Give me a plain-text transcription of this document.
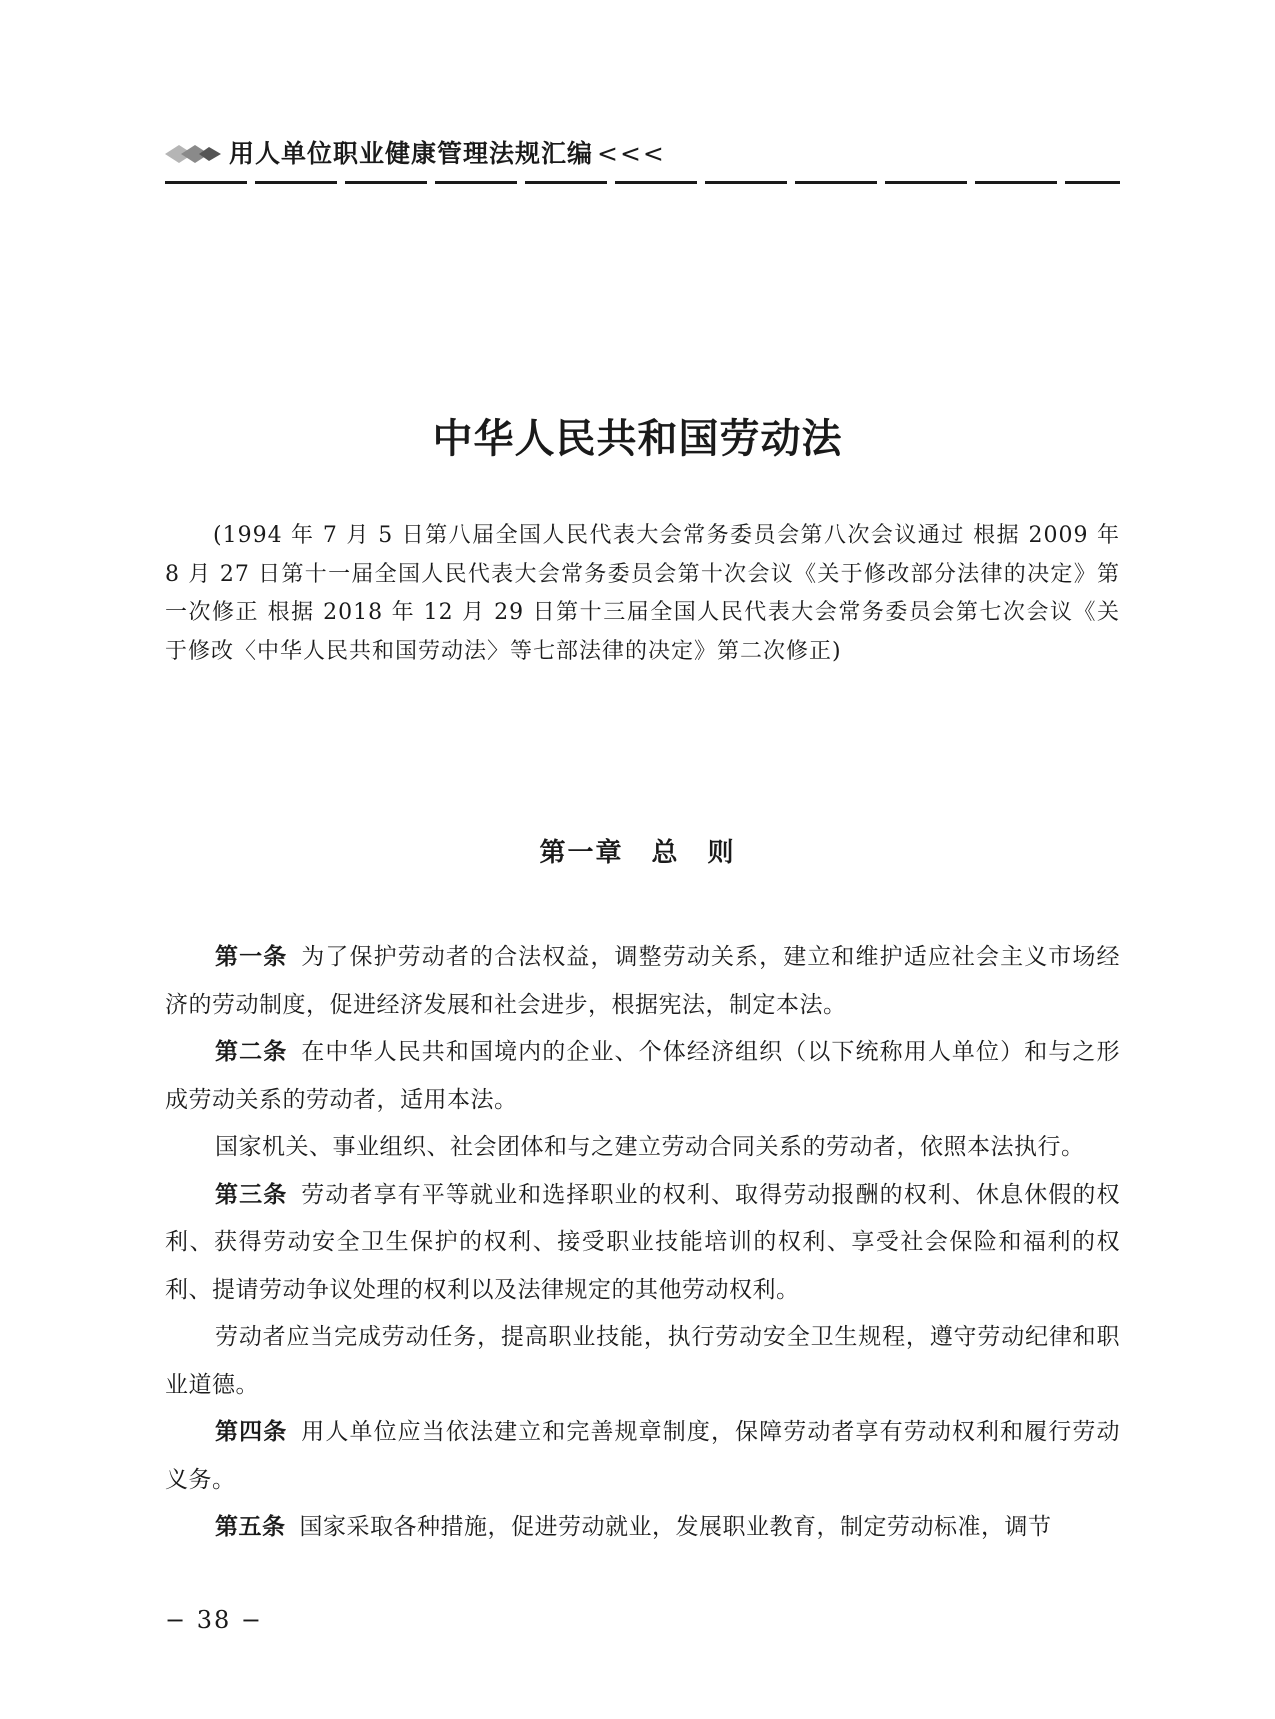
用人单位职业健康管理法规汇编 <<<
中华人民共和国劳动法
(1994 年 7 月 5 日第八届全国人民代表大会常务委员会第八次会议通过 根据 2009 年 8 月 27 日第十一届全国人民代表大会常务委员会第十次会议《关于修改部分法律的决定》第一次修正 根据 2018 年 12 月 29 日第十三届全国人民代表大会常务委员会第七次会议《关于修改〈中华人民共和国劳动法〉等七部法律的决定》第二次修正)
第一章　总　则

第一条 为了保护劳动者的合法权益，调整劳动关系，建立和维护适应社会主义市场经济的劳动制度，促进经济发展和社会进步，根据宪法，制定本法。

第二条 在中华人民共和国境内的企业、个体经济组织（以下统称用人单位）和与之形成劳动关系的劳动者，适用本法。

国家机关、事业组织、社会团体和与之建立劳动合同关系的劳动者，依照本法执行。

第三条 劳动者享有平等就业和选择职业的权利、取得劳动报酬的权利、休息休假的权利、获得劳动安全卫生保护的权利、接受职业技能培训的权利、享受社会保险和福利的权利、提请劳动争议处理的权利以及法律规定的其他劳动权利。

劳动者应当完成劳动任务，提高职业技能，执行劳动安全卫生规程，遵守劳动纪律和职业道德。

第四条 用人单位应当依法建立和完善规章制度，保障劳动者享有劳动权利和履行劳动义务。

第五条 国家采取各种措施，促进劳动就业，发展职业教育，制定劳动标准，调节

− 38 −
